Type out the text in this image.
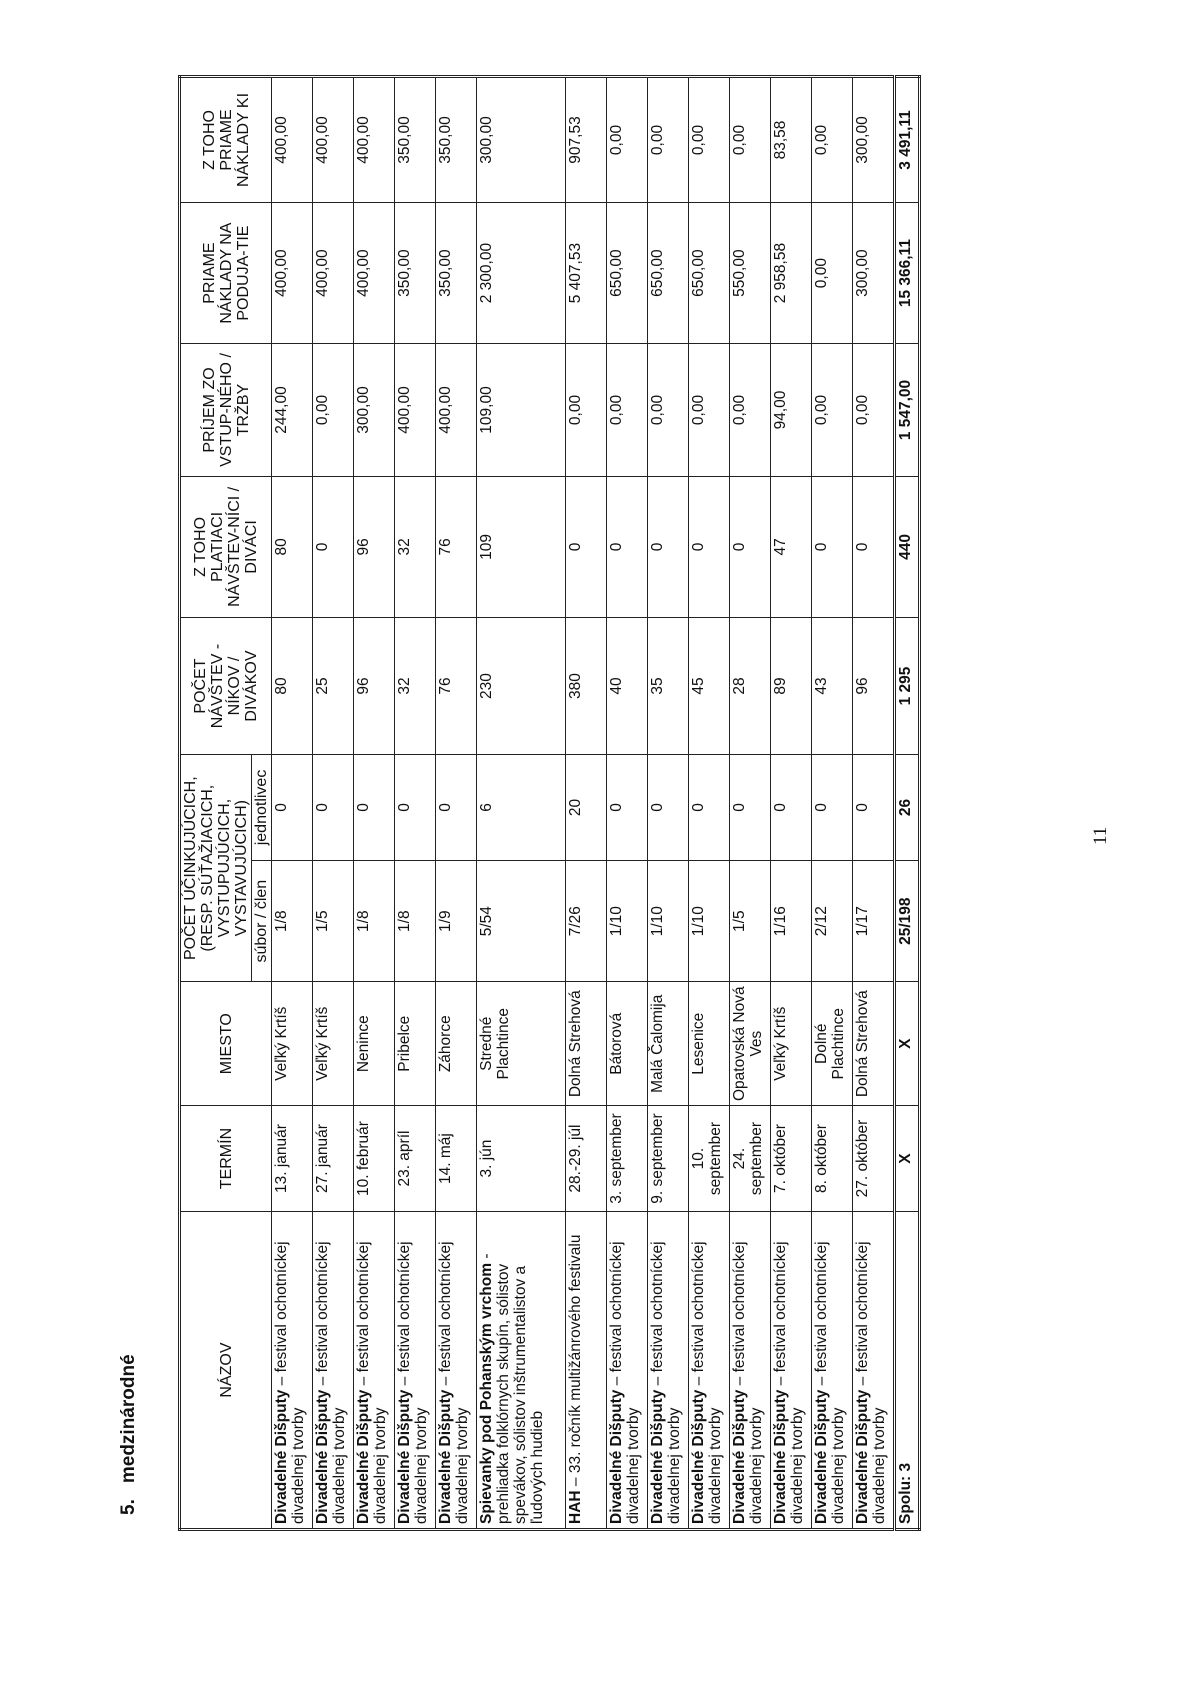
5.medzinárodné	NÁZOV	TERMÍN	MIESTO	POČET ÚČINKUJÚCICH, (RESP. SÚŤAŽIACICH, VYSTUPUJÚCICH, VYSTAVUJÚCICH)		POČET NÁVŠTEV -NÍKOV / DIVÁKOV	Z TOHO PLATIACI NÁVŠTEV-NÍCI / DIVÁCI	PRÍJEM ZO VSTUP-NÉHO / TRŽBY	PRIAME NÁKLADY NA PODUJA-TIE	Z TOHO PRIAME NÁKLADY KI
			súbor / člen	jednotlivec					
Divadelné Dišputy – festival ochotníckej divadelnej tvorby	13. január	Veľký Krtíš	1/8	0	80	80	244,00	400,00	400,00
Divadelné Dišputy – festival ochotníckej divadelnej tvorby	27. január	Veľký Krtíš	1/5	0	25	0	0,00	400,00	400,00
Divadelné Dišputy – festival ochotníckej divadelnej tvorby	10. február	Nenince	1/8	0	96	96	300,00	400,00	400,00
Divadelné Dišputy – festival ochotníckej divadelnej tvorby	23. apríl	Pribelce	1/8	0	32	32	400,00	350,00	350,00
Divadelné Dišputy – festival ochotníckej divadelnej tvorby	14. máj	Záhorce	1/9	0	76	76	400,00	350,00	350,00
Spievanky pod Pohanským vrchom - prehliadka folklórnych skupín, sólistov spevákov, sólistov inštrumentalistov a ľudových hudieb	3. jún	Stredné Plachtince	5/54	6	230	109	109,00	2 300,00	300,00
HAH – 33. ročník multižánrového festivalu	28.-29. júl	Dolná Strehová	7/26	20	380	0	0,00	5 407,53	907,53
Divadelné Dišputy – festival ochotníckej divadelnej tvorby	3. september	Bátorová	1/10	0	40	0	0,00	650,00	0,00
Divadelné Dišputy – festival ochotníckej divadelnej tvorby	9. september	Malá Čalomija	1/10	0	35	0	0,00	650,00	0,00
Divadelné Dišputy – festival ochotníckej divadelnej tvorby	10. september	Lesenice	1/10	0	45	0	0,00	650,00	0,00
Divadelné Dišputy – festival ochotníckej divadelnej tvorby	24. september	Opatovská Nová Ves	1/5	0	28	0	0,00	550,00	0,00
Divadelné Dišputy – festival ochotníckej divadelnej tvorby	7. október	Veľký Krtíš	1/16	0	89	47	94,00	2 958,58	83,58
Divadelné Dišputy – festival ochotníckej divadelnej tvorby	8. október	Dolné Plachtince	2/12	0	43	0	0,00	0,00	0,00
Divadelné Dišputy – festival ochotníckej divadelnej tvorby	27. október	Dolná Strehová	1/17	0	96	0	0,00	300,00	300,00
Spolu: 3	X	X	25/198	26	1 295	440	1 547,00	15 366,11	3 491,11
11
